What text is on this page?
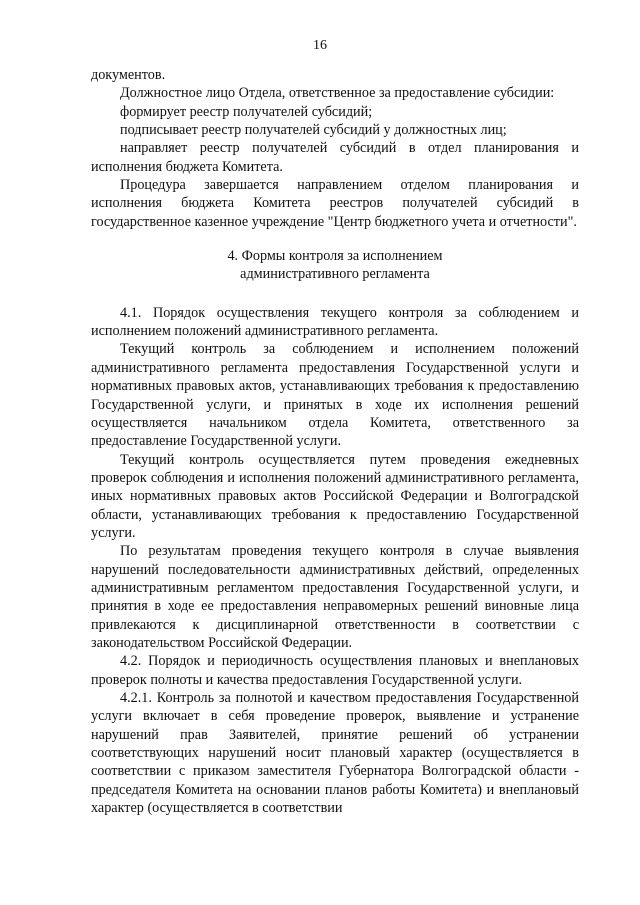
16

документов.

Должностное лицо Отдела, ответственное за предоставление субсидии:

формирует реестр получателей субсидий;

подписывает реестр получателей субсидий у должностных лиц;

направляет реестр получателей субсидий в отдел планирования и исполнения бюджета Комитета.

Процедура завершается направлением отделом планирования и исполнения бюджета Комитета реестров получателей субсидий в государственное казенное учреждение "Центр бюджетного учета и отчетности".

4. Формы контроля за исполнением
административного регламента

4.1. Порядок осуществления текущего контроля за соблюдением и исполнением положений административного регламента.

Текущий контроль за соблюдением и исполнением положений административного регламента предоставления Государственной услуги и нормативных правовых актов, устанавливающих требования к предоставлению Государственной услуги, и принятых в ходе их исполнения решений осуществляется начальником отдела Комитета, ответственного за предоставление Государственной услуги.

Текущий контроль осуществляется путем проведения ежедневных проверок соблюдения и исполнения положений административного регламента, иных нормативных правовых актов Российской Федерации и Волгоградской области, устанавливающих требования к предоставлению Государственной услуги.

По результатам проведения текущего контроля в случае выявления нарушений последовательности административных действий, определенных административным регламентом предоставления Государственной услуги, и принятия в ходе ее предоставления неправомерных решений виновные лица привлекаются к дисциплинарной ответственности в соответствии с законодательством Российской Федерации.

4.2. Порядок и периодичность осуществления плановых и внеплановых проверок полноты и качества предоставления Государственной услуги.

4.2.1. Контроль за полнотой и качеством предоставления Государственной услуги включает в себя проведение проверок, выявление и устранение нарушений прав Заявителей, принятие решений об устранении соответствующих нарушений носит плановый характер (осуществляется в соответствии с приказом заместителя Губернатора Волгоградской области - председателя Комитета на основании планов работы Комитета) и внеплановый характер (осуществляется в соответствии
